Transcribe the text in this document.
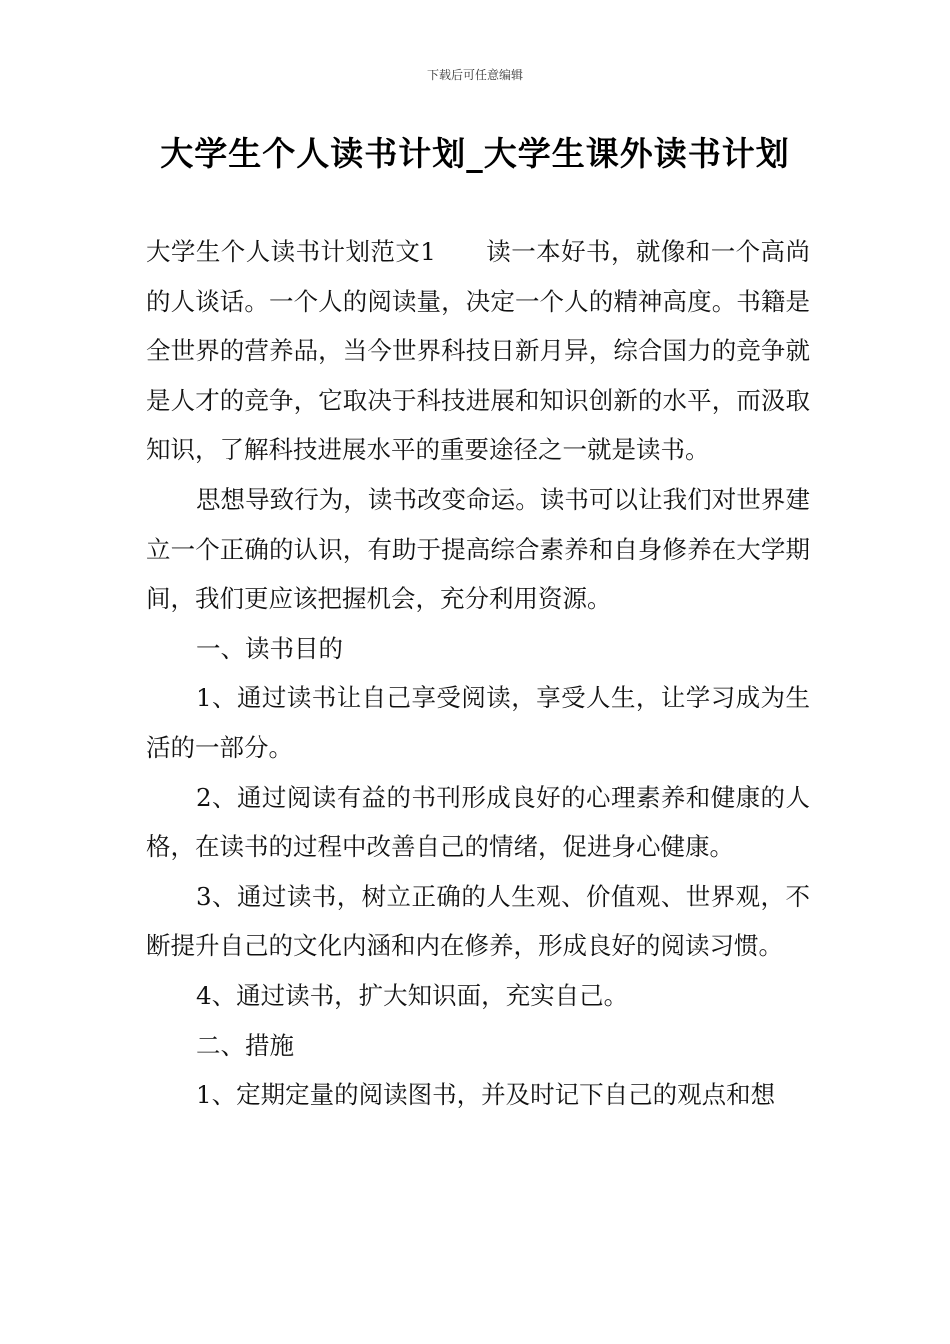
下载后可任意编辑
大学生个人读书计划_大学生课外读书计划

大学生个人读书计划范文1 读一本好书，就像和一个高尚的人谈话。一个人的阅读量，决定一个人的精神高度。书籍是全世界的营养品，当今世界科技日新月异，综合国力的竞争就是人才的竞争，它取决于科技进展和知识创新的水平，而汲取知识，了解科技进展水平的重要途径之一就是读书。

思想导致行为，读书改变命运。读书可以让我们对世界建立一个正确的认识，有助于提高综合素养和自身修养在大学期间，我们更应该把握机会，充分利用资源。

一、读书目的

1、通过读书让自己享受阅读，享受人生，让学习成为生活的一部分。

2、通过阅读有益的书刊形成良好的心理素养和健康的人格，在读书的过程中改善自己的情绪，促进身心健康。

3、通过读书，树立正确的人生观、价值观、世界观，不断提升自己的文化内涵和内在修养，形成良好的阅读习惯。

4、通过读书，扩大知识面，充实自己。

二、措施

1、定期定量的阅读图书，并及时记下自己的观点和想
